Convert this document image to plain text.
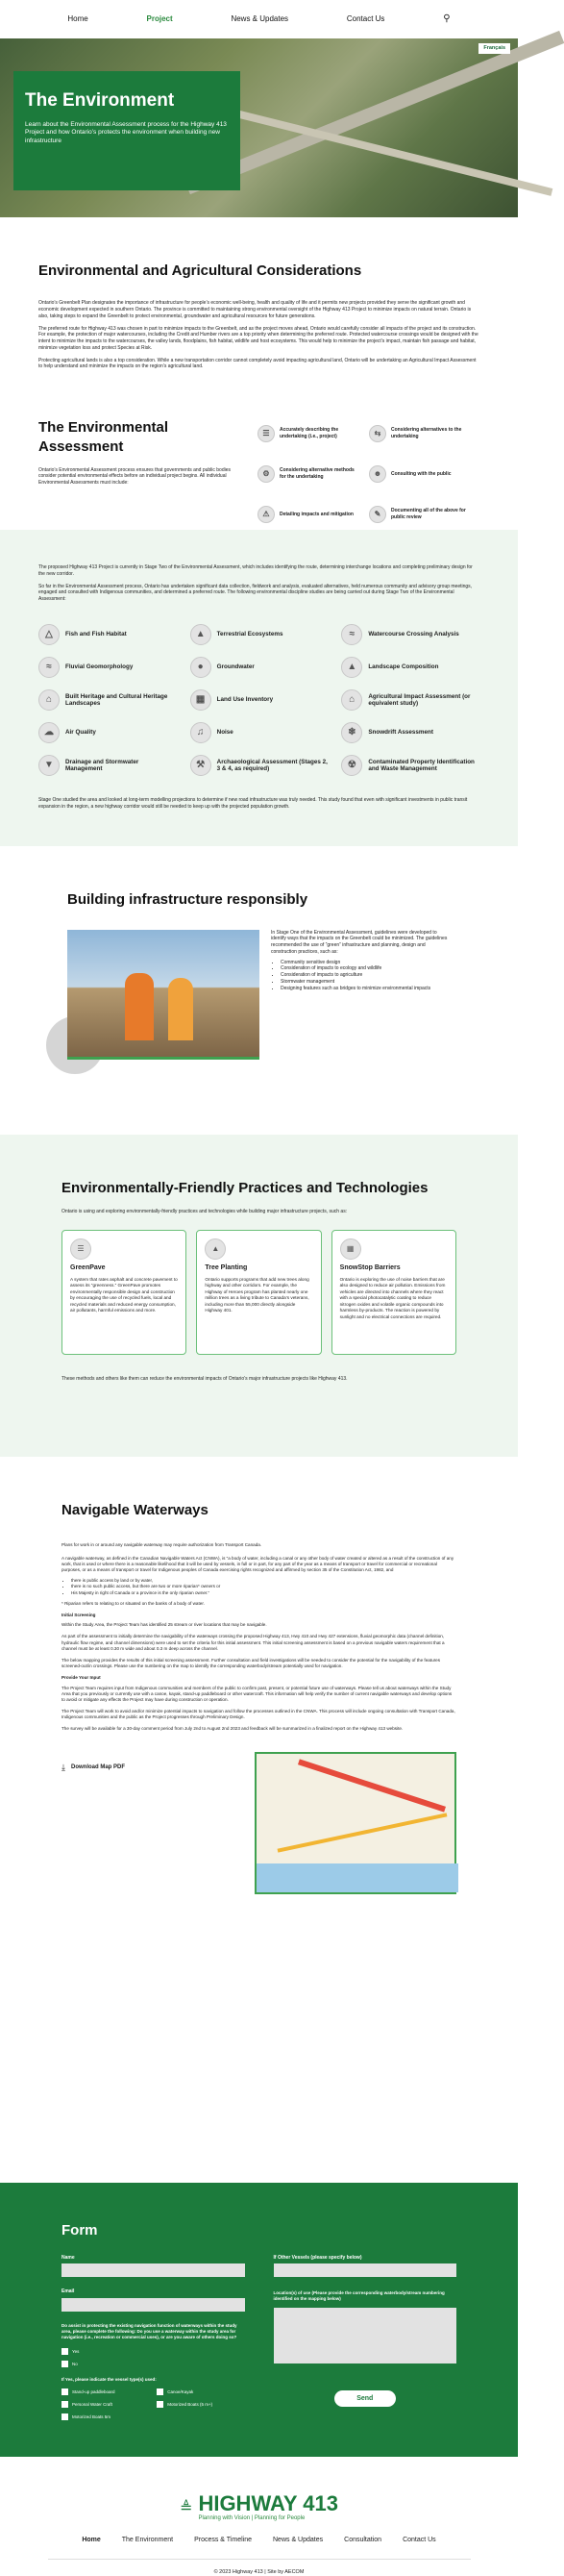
Home	Project	News & Updates	Contact Us	⚲
Français
The Environment

Learn about the Environmental Assessment process for the Highway 413 Project and how Ontario’s protects the environment when building new infrastructure

Environmental and Agricultural Considerations

Ontario’s Greenbelt Plan designates the importance of infrastructure for people’s economic well-being, health and quality of life and it permits new projects provided they serve the significant growth and economic development expected in southern Ontario. The province is committed to maintaining strong environmental oversight of the Highway 413 Project to minimize impacts on natural terrain. Ontario is also, taking steps to expand the Greenbelt to protect environmental, groundwater and agricultural resources for future generations.

The preferred route for Highway 413 was chosen in part to minimize impacts to the Greenbelt, and as the project moves ahead, Ontario would carefully consider all impacts of the project and its construction. For example, the protection of major watercourses, including the Credit and Humber rivers are a top priority when determining the preferred route. Protected watercourse crossings would be designed with the intent to minimize the impacts to the watercourses, the valley lands, floodplains, fish habitat, wildlife and host ecosystems. This would help to minimize the project’s impact, maintain fish passage and habitat, minimize vegetation loss and protect Species at Risk.

Protecting agricultural lands is also a top consideration. While a new transportation corridor cannot completely avoid impacting agricultural land, Ontario will be undertaking an Agricultural Impact Assessment to help understand and minimize the impacts on the region’s agricultural land.

The Environmental Assessment

Ontario’s Environmental Assessment process ensures that governments and public bodies consider potential environmental effects before an individual project begins. All individual Environmental Assessments must include:

☰	Accurately describing the undertaking (i.e., project)	⇆	Considering alternatives to the undertaking
⚙	Considering alternative methods for the undertaking	☻	Consulting with the public
⚠	Detailing impacts and mitigation	✎	Documenting all of the above for public review

The proposed Highway 413 Project is currently in Stage Two of the Environmental Assessment, which includes identifying the route, determining interchange locations and completing preliminary design for the new corridor.

So far in the Environmental Assessment process, Ontario has undertaken significant data collection, fieldwork and analysis, evaluated alternatives, held numerous community and advisory group meetings, engaged and consulted with Indigenous communities, and determined a preferred route. The following environmental discipline studies are being carried out during Stage Two of the Environmental Assessment:

△	Fish and Fish Habitat	▲	Terrestrial Ecosystems	≈	Watercourse Crossing Analysis
≈	Fluvial Geomorphology	●	Groundwater	▲	Landscape Composition
⌂	Built Heritage and Cultural Heritage Landscapes	▦	Land Use Inventory	⌂	Agricultural Impact Assessment (or equivalent study)
☁	Air Quality	♫	Noise	❄	Snowdrift Assessment
▼	Drainage and Stormwater Management	⚒	Archaeological Assessment (Stages 2, 3 & 4, as required)	☢	Contaminated Property Identification and Waste Management

Stage One studied the area and looked at long-term modelling projections to determine if new road infrastructure was truly needed. This study found that even with significant investments in public transit expansion in the region, a new highway corridor would still be needed to keep up with the projected population growth.

Building infrastructure responsibly

In Stage One of the Environmental Assessment, guidelines were developed to identify ways that the impacts on the Greenbelt could be minimized. The guidelines recommended the use of “green” infrastructure and planning, design and construction practices, such as:

• Community sensitive design
• Consideration of impacts to ecology and wildlife
• Consideration of impacts to agriculture
• Stormwater management
• Designing features such as bridges to minimize environmental impacts
Environmentally-Friendly Practices and Technologies

Ontario is using and exploring environmentally-friendly practices and technologies while building major infrastructure projects, such as:

☰
GreenPave

A system that rates asphalt and concrete pavement to assess its “greenness.” GreenPave promotes environmentally responsible design and construction by encouraging the use of recycled fuels, local and recycled materials and reduced energy consumption, air pollutants, harmful emissions and more.

▲
Tree Planting

Ontario supports programs that add new trees along highway and other corridors. For example, the Highway of Heroes program has planted nearly one million trees as a living tribute to Canada’s veterans, including more than 55,000 directly alongside Highway 401.

▦
SnowStop Barriers

Ontario is exploring the use of noise barriers that are also designed to reduce air pollution. Emissions from vehicles are directed into channels where they react with a special photocatalytic coating to reduce nitrogen oxides and volatile organic compounds into harmless by-products. The reaction is powered by sunlight and no electrical connections are required.

These methods and others like them can reduce the environmental impacts of Ontario’s major infrastructure projects like Highway 413.

Navigable Waterways

Plans for work in or around any navigable waterway may require authorization from Transport Canada.

A navigable waterway, as defined in the Canadian Navigable Waters Act (CNWA), is “a body of water, including a canal or any other body of water created or altered as a result of the construction of any work, that is used or where there is a reasonable likelihood that it will be used by vessels, in full or in part, for any part of the year as a means of transport or travel for commercial or recreational purposes, or as a means of transport or travel for Indigenous peoples of Canada exercising rights recognized and affirmed by section 35 of the Constitution Act, 1982, and

• there is public access by land or by water,
• there is no such public access, but there are two or more riparian* owners or
• His Majesty in right of Canada or a province is the only riparian owner.”

* Riparian refers to relating to or situated on the banks of a body of water.

Initial Screening

Within the Study Area, the Project Team has identified 25 stream or river locations that may be navigable.

As part of the assessment to initially determine the navigability of the waterways crossing the proposed Highway 413, Hwy 410 and Hwy 427 extensions, fluvial geomorphic data (channel definition, hydraulic flow regime, and channel dimensions) were used to set the criteria for this initial assessment. This initial screening assessment is based on a previous navigable waters requirement that a channel must be at least 0.30 m wide and about 0.3 m deep across the channel.

The below mapping provides the results of this initial screening assessment. Further consultation and field investigations will be needed to consider the potential for the navigability of the features screened-out/in crossings. Please use the numbering on the map to identify the corresponding waterbody/stream potentially used for navigation.

Provide Your Input

The Project Team requires input from Indigenous communities and members of the public to confirm past, present, or potential future use of waterways. Please tell us about waterways within the Study Area that you previously or currently use with a canoe, kayak, stand-up paddleboard or other watercraft. This information will help verify the number of current navigable waterways and develop options to avoid or mitigate any effects the Project may have during construction or operation.

The Project Team will work to avoid and/or minimize potential impacts to navigation and follow the processes outlined in the CNWA. This process will include ongoing consultation with Transport Canada, Indigenous communities and the public as the Project progresses through Preliminary Design.

The survey will be available for a 30-day comment period from July 2nd to August 2nd 2023 and feedback will be summarized in a finalized report on the Highway 413 website.

⤓ Download Map PDF
Form
Name
Email

Do assist in protecting the existing navigation function of waterways within the study area, please complete the following: Do you use a waterway within the study area for navigation (i.e., recreation or commercial uses), or are you aware of others doing so?

Yes
No

If Yes, please indicate the vessel type(s) used:

Stand-up paddleboard	Canoe/Kayak
Personal Water Craft	Motorized Boats (5 m+)
Motorized Boats 5m
If Other Vessels (please specify below)

Location(s) of use (Please provide the corresponding waterbody/stream numbering identified on the mapping below)

Send
≜ HIGHWAY 413
Planning with Vision | Planning for People
Home	The Environment	Process & Timeline	News & Updates	Consultation	Contact Us
© 2023 Highway 413 | Site by AECOM
